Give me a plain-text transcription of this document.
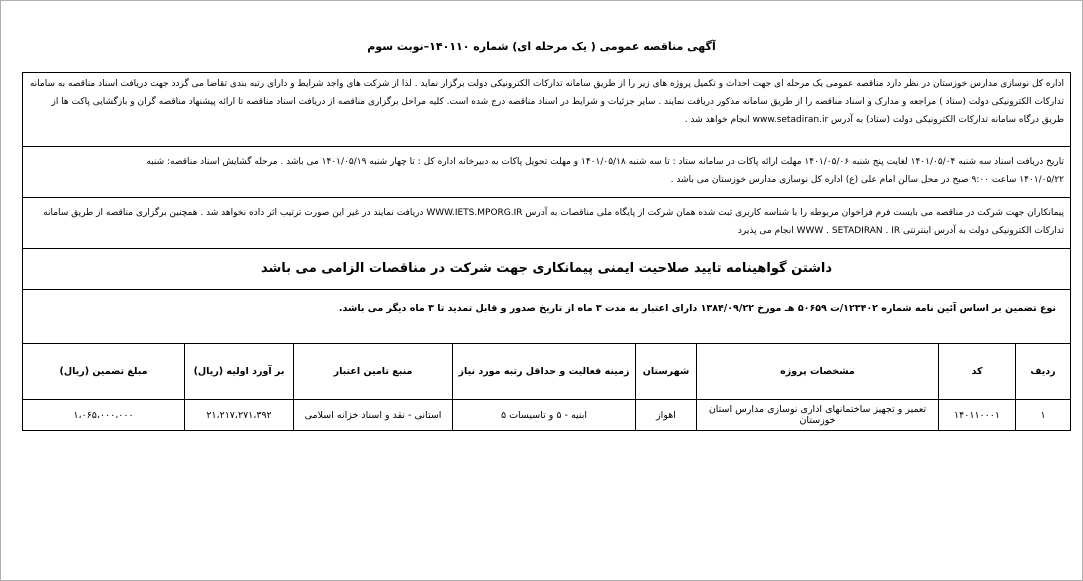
آگهی مناقصه عمومی ( یک مرحله ای) شماره ۱۴۰۱۱۰–نوبت سوم
اداره کل نوسازی مدارس خوزستان در نظر دارد مناقصه عمومی یک مرحله ای جهت احداث و تکمیل پروژه های زیر را از طریق سامانه تدارکات الکترونیکی دولت برگزار نماید . لذا از شرکت های واجد شرایط و دارای رتبه بندی تقاضا می گردد جهت دریافت اسناد مناقصه به سامانه
تدارکات الکترونیکی دولت (ستاد ) مراجعه و مدارک و اسناد مناقصه را از طریق سامانه مذکور دریافت نمایند . سایر جزئیات و شرایط در اسناد مناقصه درج شده است. کلیه مراحل برگزاری مناقصه از دریافت اسناد مناقصه تا ارائه پیشنهاد مناقصه گران و بازگشایی پاکت ها از
طریق درگاه سامانه تدارکات الکترونیکی دولت (ستاد) به آدرس www.setadiran.ir انجام خواهد شد .
تاریخ دریافت اسناد سه شنبه ۱۴۰۱/۰۵/۰۴ لغایت پنج شنبه ۱۴۰۱/۰۵/۰۶ مهلت ارائه پاکات در سامانه ستاد : تا سه شنبه ۱۴۰۱/۰۵/۱۸ و مهلت تحویل پاکات به دبیرخانه اداره کل : تا چهار شنبه ۱۴۰۱/۰۵/۱۹ می باشد . مرحله گشایش اسناد مناقصه: شنبه
۱۴۰۱/۰۵/۲۲ ساعت ۹:۰۰ صبح در محل سالن امام علی (ع) اداره کل نوسازی مدارس خوزستان می باشد .
پیمانکاران جهت شرکت در مناقصه می بایست فرم فراخوان مربوطه را با شناسه کاربری ثبت شده همان شرکت از پایگاه ملی مناقصات به آدرس WWW.IETS.MPORG.IR دریافت نمایند در غیر این صورت ترتیب اثر داده نخواهد شد . همچنین برگزاری مناقصه از طریق سامانه
تدارکات الکترونیکی دولت به آدرس اینترنتی WWW . SETADIRAN . IR انجام می پذیرد
داشتن گواهینامه تایید صلاحیت ایمنی پیمانکاری جهت شرکت در مناقصات الزامی می باشد
نوع تضمین بر اساس آئین نامه شماره ۱۲۳۴۰۲/ت ۵۰۶۵۹ هـ مورخ ۱۳۸۴/۰۹/۲۲ دارای اعتبار به مدت ۳ ماه از تاریخ صدور و قابل تمدید تا ۳ ماه دیگر می باشد.
ردیف	کد	مشخصات پروژه	شهرستان	زمینه فعالیت و حداقل رتبه مورد نیاز	منبع تامین اعتبار	بر آورد اولیه (ریال)	مبلغ تضمین (ریال)
۱	۱۴۰۱۱۰۰۰۱	تعمیر و تجهیز ساختمانهای اداری نوسازی مدارس استان خوزستان	اهواز	ابنیه - ۵ و تاسیسات ۵	استانی - نقد و اسناد خزانه اسلامی	۲۱،۲۱۷،۲۷۱،۳۹۲	۱،۰۶۵،۰۰۰،۰۰۰
